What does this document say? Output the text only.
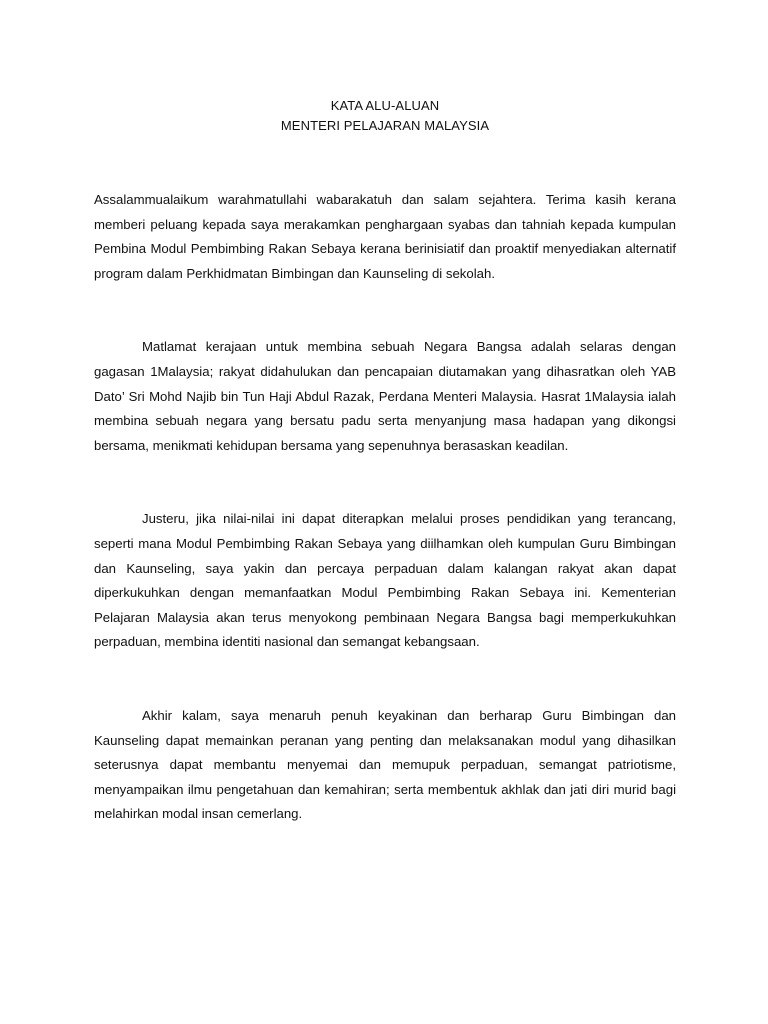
KATA ALU-ALUAN
MENTERI PELAJARAN MALAYSIA

Assalammualaikum warahmatullahi wabarakatuh dan salam sejahtera. Terima kasih kerana memberi peluang kepada saya merakamkan penghargaan syabas dan tahniah kepada kumpulan Pembina Modul Pembimbing Rakan Sebaya kerana berinisiatif dan proaktif menyediakan alternatif program dalam Perkhidmatan Bimbingan dan Kaunseling di sekolah.

Matlamat kerajaan untuk membina sebuah Negara Bangsa adalah selaras dengan gagasan 1Malaysia; rakyat didahulukan dan pencapaian diutamakan yang dihasratkan oleh YAB Dato’ Sri Mohd Najib bin Tun Haji Abdul Razak, Perdana Menteri Malaysia. Hasrat 1Malaysia ialah membina sebuah negara yang bersatu padu serta menyanjung masa hadapan yang dikongsi bersama, menikmati kehidupan bersama yang sepenuhnya berasaskan keadilan.

Justeru, jika nilai-nilai ini dapat diterapkan melalui proses pendidikan yang terancang, seperti mana Modul Pembimbing Rakan Sebaya yang diilhamkan oleh kumpulan Guru Bimbingan dan Kaunseling, saya yakin dan percaya perpaduan dalam kalangan rakyat akan dapat diperkukuhkan dengan memanfaatkan Modul Pembimbing Rakan Sebaya ini. Kementerian Pelajaran Malaysia akan terus menyokong pembinaan Negara Bangsa bagi memperkukuhkan perpaduan, membina identiti nasional dan semangat kebangsaan.

Akhir kalam, saya menaruh penuh keyakinan dan berharap Guru Bimbingan dan Kaunseling dapat memainkan peranan yang penting dan melaksanakan modul yang dihasilkan seterusnya dapat membantu menyemai dan memupuk perpaduan, semangat patriotisme, menyampaikan ilmu pengetahuan dan kemahiran; serta membentuk akhlak dan jati diri murid bagi melahirkan modal insan cemerlang.
